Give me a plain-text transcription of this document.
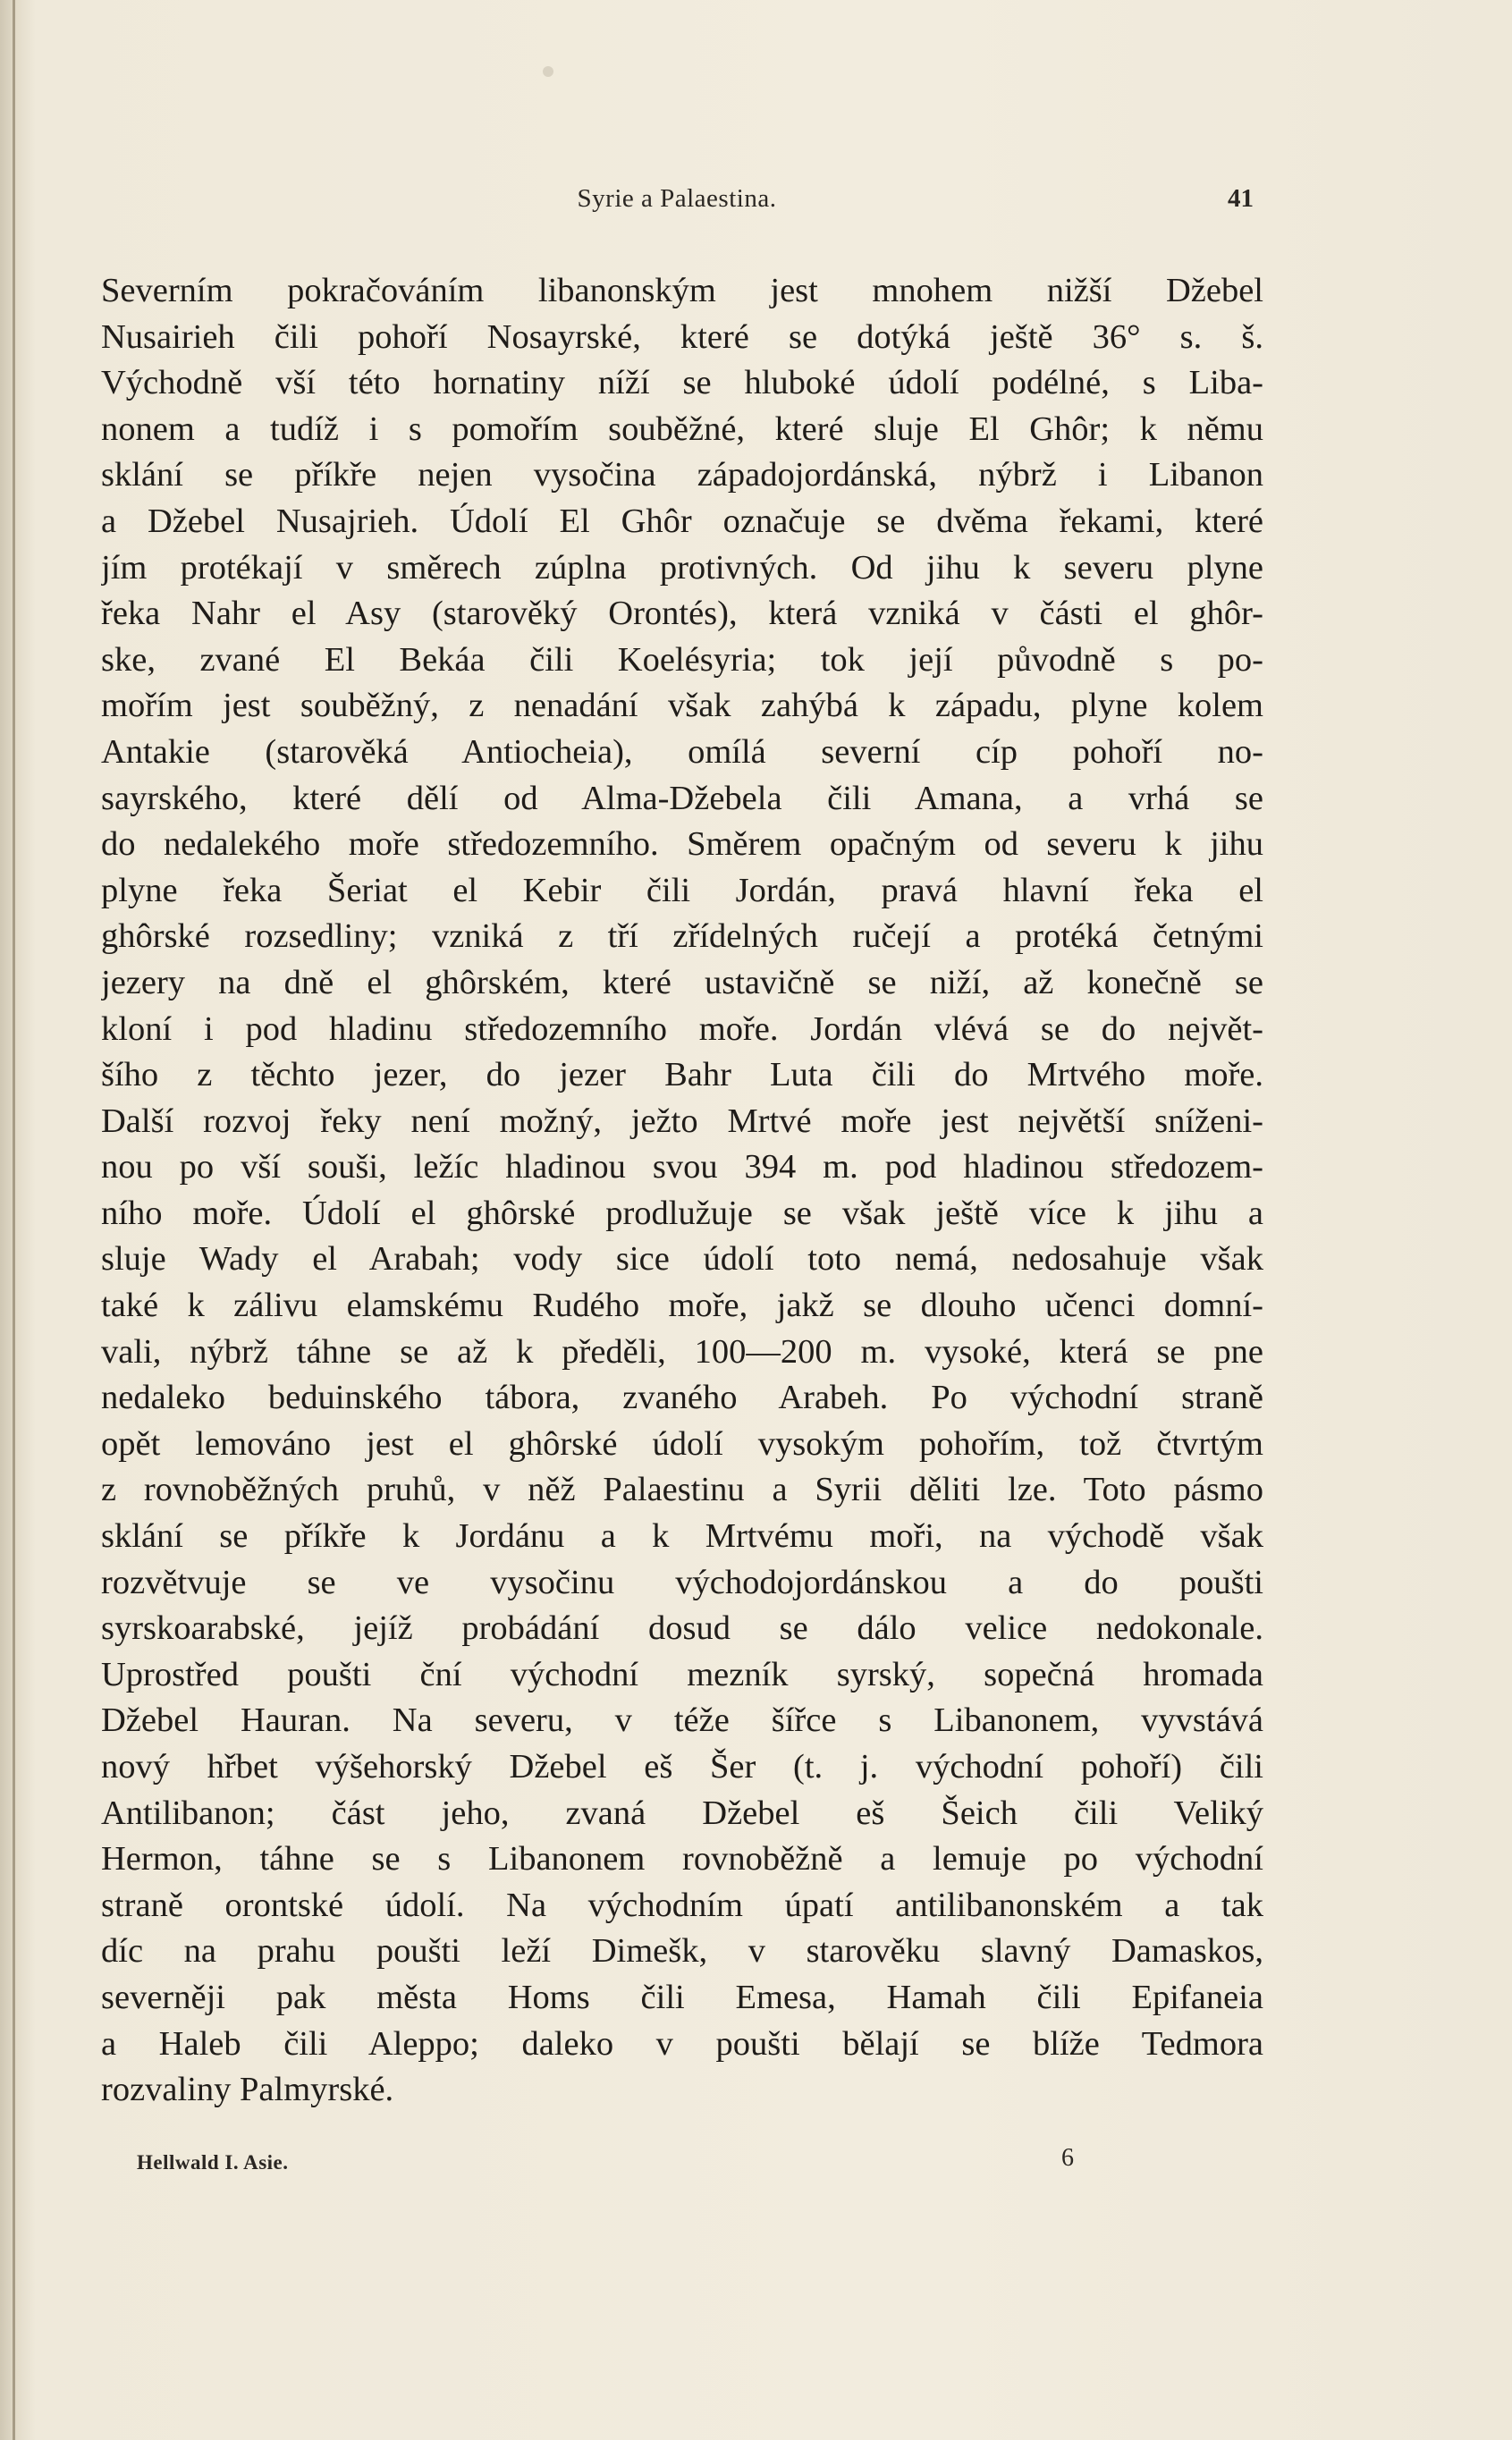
Syrie a Palaestina.	41
Severním pokračováním libanonským jest mnohem nižší Džebel
Nusairieh čili pohoří Nosayrské, které se dotýká ještě 36° s. š.
Východně vší této hornatiny níží se hluboké údolí podélné, s Liba-
nonem a tudíž i s pomořím souběžné, které sluje El Ghôr; k němu
sklání se příkře nejen vysočina západojordánská, nýbrž i Libanon
a Džebel Nusajrieh. Údolí El Ghôr označuje se dvěma řekami, které
jím protékají v směrech zúplna protivných. Od jihu k severu plyne
řeka Nahr el Asy (starověký Orontés), která vzniká v části el ghôr-
ske, zvané El Bekáa čili Koelésyria; tok její původně s po-
mořím jest souběžný, z nenadání však zahýbá k západu, plyne kolem
Antakie (starověká Antiocheia), omílá severní cíp pohoří no-
sayrského, které dělí od Alma-Džebela čili Amana, a vrhá se
do nedalekého moře středozemního. Směrem opačným od severu k jihu
plyne řeka Šeriat el Kebir čili Jordán, pravá hlavní řeka el
ghôrské rozsedliny; vzniká z tří zřídelných ručejí a protéká četnými
jezery na dně el ghôrském, které ustavičně se niží, až konečně se
kloní i pod hladinu středozemního moře. Jordán vlévá se do největ-
šího z těchto jezer, do jezer Bahr Luta čili do Mrtvého moře.
Další rozvoj řeky není možný, ježto Mrtvé moře jest největší sníženi-
nou po vší souši, ležíc hladinou svou 394 m. pod hladinou středozem-
ního moře. Údolí el ghôrské prodlužuje se však ještě více k jihu a
sluje Wady el Arabah; vody sice údolí toto nemá, nedosahuje však
také k zálivu elamskému Rudého moře, jakž se dlouho učenci domní-
vali, nýbrž táhne se až k předěli, 100—200 m. vysoké, která se pne
nedaleko beduinského tábora, zvaného Arabeh. Po východní straně
opět lemováno jest el ghôrské údolí vysokým pohořím, tož čtvrtým
z rovnoběžných pruhů, v něž Palaestinu a Syrii děliti lze. Toto pásmo
sklání se příkře k Jordánu a k Mrtvému moři, na východě však
rozvětvuje se ve vysočinu východojordánskou a do poušti
syrskoarabské, jejíž probádání dosud se dálo velice nedokonale.
Uprostřed poušti ční východní mezník syrský, sopečná hromada
Džebel Hauran. Na severu, v téže šířce s Libanonem, vyvstává
nový hřbet výšehorský Džebel eš Šer (t. j. východní pohoří) čili
Antilibanon; část jeho, zvaná Džebel eš Šeich čili Veliký
Hermon, táhne se s Libanonem rovnoběžně a lemuje po východní
straně orontské údolí. Na východním úpatí antilibanonském a tak
díc na prahu poušti leží Dimešk, v starověku slavný Damaskos,
severněji pak města Homs čili Emesa, Hamah čili Epifaneia
a Haleb čili Aleppo; daleko v poušti bělají se blíže Tedmora
rozvaliny Palmyrské.
Hellwald I. Asie.	6
